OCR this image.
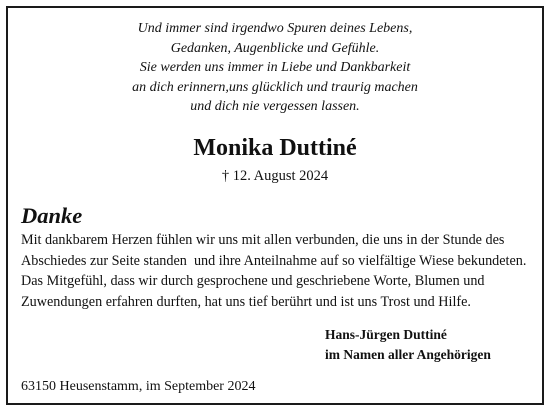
Und immer sind irgendwo Spuren deines Lebens,
Gedanken, Augenblicke und Gefühle.
Sie werden uns immer in Liebe und Dankbarkeit
an dich erinnern,uns glücklich und traurig machen
und dich nie vergessen lassen.
Monika Duttiné
† 12. August 2024
Danke
Mit dankbarem Herzen fühlen wir uns mit allen verbunden, die uns in der Stunde des
Abschiedes zur Seite standen  und ihre Anteilnahme auf so vielfältige Wiese bekundeten.
Das Mitgefühl, dass wir durch gesprochene und geschriebene Worte, Blumen und
Zuwendungen erfahren durften, hat uns tief berührt und ist uns Trost und Hilfe.
Hans-Jürgen Duttiné
im Namen aller Angehörigen
63150 Heusenstamm, im September 2024
